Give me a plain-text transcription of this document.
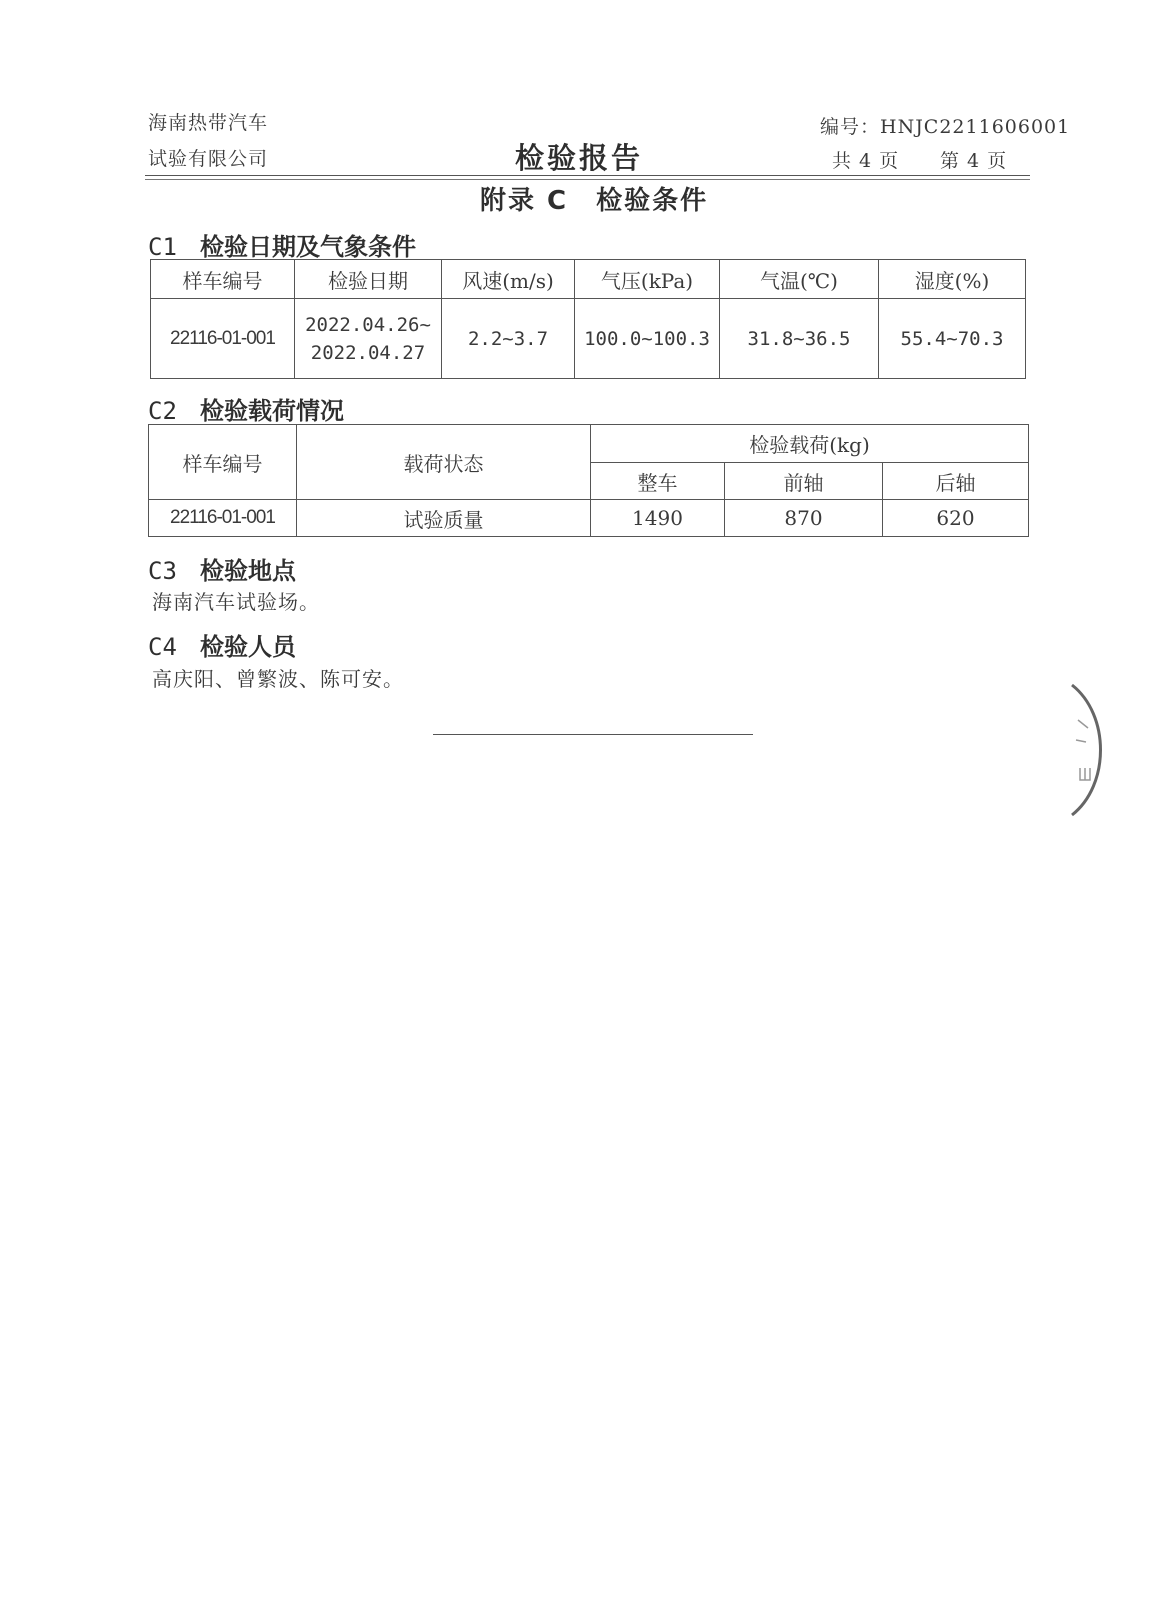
海南热带汽车
试验有限公司	检验报告
编号：HNJC2211606001
共 4 页 第 4 页
附录 C　检验条件
C1 检验日期及气象条件
样车编号	检验日期	风速(m/s)	气压(kPa)	气温(℃)	湿度(%)
22116-01-001	2022.04.26~
2022.04.27	2.2~3.7	100.0~100.3	31.8~36.5	55.4~70.3
C2 检验载荷情况
样车编号	载荷状态	检验载荷(kg)		
		整车	前轴	后轴
22116-01-001	试验质量	1490	870	620
C3 检验地点
海南汽车试验场。
C4 检验人员
高庆阳、曾繁波、陈可安。
